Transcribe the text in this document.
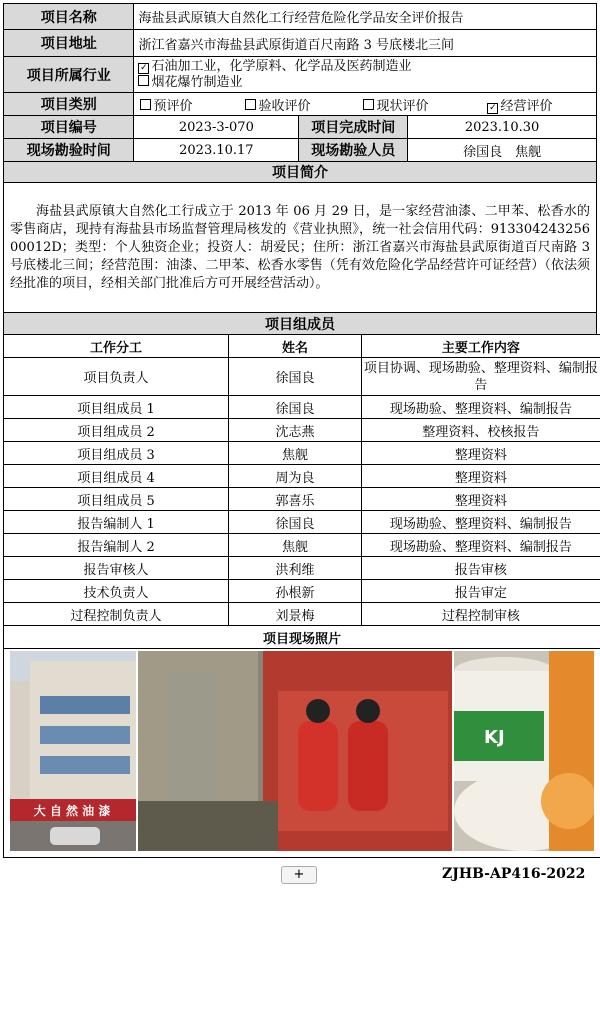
项目名称	海盐县武原镇大自然化工行经营危险化学品安全评价报告		
项目地址	浙江省嘉兴市海盐县武原街道百尺南路 3 号底楼北三间		
项目所属行业	✓ 石油加工业，化学原料、化学品及医药制造业
烟花爆竹制造业		

项目类别	预评价 验收评价 现状评价 ✓ 经营评价		

项目编号	2023-3-070	项目完成时间	2023.10.30
现场勘验时间	2023.10.17	现场勘验人员	徐国良　焦舰
项目简介			

海盐县武原镇大自然化工行成立于 2013 年 06 月 29 日，是一家经营油漆、二甲苯、松香水的零售商店，现持有海盐县市场监督管理局核发的《营业执照》，统一社会信用代码：91330424325600012D；类型：个人独资企业；投资人：胡爱民；住所：浙江省嘉兴市海盐县武原街道百尺南路 3 号底楼北三间；经营范围：油漆、二甲苯、松香水零售（凭有效危险化学品经营许可证经营）（依法须经批准的项目，经相关部门批准后方可开展经营活动）。			

项目组成员			
工作分工	姓名	主要工作内容
项目负责人	徐国良	项目协调、现场勘验、整理资料、编制报告
项目组成员 1	徐国良	现场勘验、整理资料、编制报告
项目组成员 2	沈志燕	整理资料、校核报告
项目组成员 3	焦舰	整理资料
项目组成员 4	周为良	整理资料
项目组成员 5	郭喜乐	整理资料
报告编制人 1	徐国良	现场勘验、整理资料、编制报告
报告编制人 2	焦舰	现场勘验、整理资料、编制报告
报告审核人	洪利维	报告审核
技术负责人	孙根新	报告审定
过程控制负责人	刘景梅	过程控制审核
项目现场照片		

大 自 然 油 漆
KJ		
+	ZJHB-AP416-2022
